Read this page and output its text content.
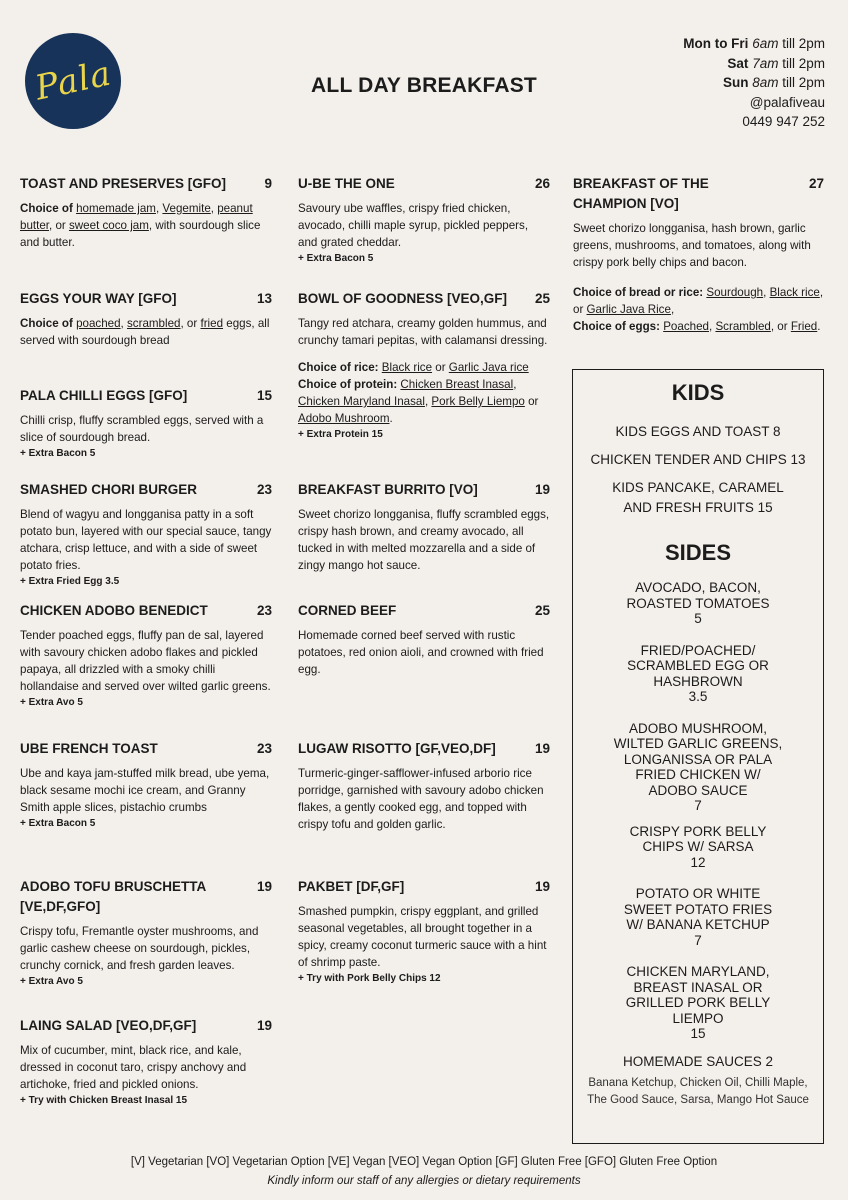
Pala	ALL DAY BREAKFAST
Mon to Fri 6am till 2pm
Sat 7am till 2pm
Sun 8am till 2pm
@palafiveau
0449 947 252
TOAST AND PRESERVES [GFO]	9
Choice of homemade jam, Vegemite, peanut butter, or sweet coco jam, with sourdough slice and butter.
EGGS YOUR WAY [GFO]	13
Choice of poached, scrambled, or fried eggs, all served with sourdough bread
PALA CHILLI EGGS [GFO]	15
Chilli crisp, fluffy scrambled eggs, served with a slice of sourdough bread.
+ Extra Bacon 5
SMASHED CHORI BURGER	23
Blend of wagyu and longganisa patty in a soft potato bun, layered with our special sauce, tangy atchara, crisp lettuce, and with a side of sweet potato fries.
+ Extra Fried Egg 3.5
CHICKEN ADOBO BENEDICT	23
Tender poached eggs, fluffy pan de sal, layered with savoury chicken adobo flakes and pickled papaya, all drizzled with a smoky chilli hollandaise and served over wilted garlic greens.
+ Extra Avo 5
UBE FRENCH TOAST	23
Ube and kaya jam-stuffed milk bread, ube yema, black sesame mochi ice cream, and Granny Smith apple slices, pistachio crumbs
+ Extra Bacon 5
ADOBO TOFU BRUSCHETTA [VE,DF,GFO]
19
Crispy tofu, Fremantle oyster mushrooms, and garlic cashew cheese on sourdough, pickles, crunchy cornick, and fresh garden leaves.
+ Extra Avo 5
LAING SALAD [VEO,DF,GF]	19
Mix of cucumber, mint, black rice, and kale, dressed in coconut taro, crispy anchovy and artichoke, fried and pickled onions.
+ Try with Chicken Breast Inasal 15
U-BE THE ONE	26
Savoury ube waffles, crispy fried chicken, avocado, chilli maple syrup, pickled peppers, and grated cheddar.
+ Extra Bacon 5
BOWL OF GOODNESS [VEO,GF]	25
Tangy red atchara, creamy golden hummus, and crunchy tamari pepitas, with calamansi dressing.
Choice of rice: Black rice or Garlic Java rice
Choice of protein: Chicken Breast Inasal, Chicken Maryland Inasal, Pork Belly Liempo or Adobo Mushroom.
+ Extra Protein 15
BREAKFAST BURRITO [VO]	19
Sweet chorizo longganisa, fluffy scrambled eggs, crispy hash brown, and creamy avocado, all tucked in with melted mozzarella and a side of zingy mango hot sauce.
CORNED BEEF	25
Homemade corned beef served with rustic potatoes, red onion aioli, and crowned with fried egg.
LUGAW RISOTTO [GF,VEO,DF]	19
Turmeric-ginger-safflower-infused arborio rice porridge, garnished with savoury adobo chicken flakes, a gently cooked egg, and topped with crispy tofu and golden garlic.
PAKBET [DF,GF]	19
Smashed pumpkin, crispy eggplant, and grilled seasonal vegetables, all brought together in a spicy, creamy coconut turmeric sauce with a hint of shrimp paste.
+ Try with Pork Belly Chips 12
BREAKFAST OF THE CHAMPION [VO]
27
Sweet chorizo longganisa, hash brown, garlic greens, mushrooms, and tomatoes, along with crispy pork belly chips and bacon.
Choice of bread or rice: Sourdough, Black rice, or Garlic Java Rice,
Choice of eggs: Poached, Scrambled, or Fried.
KIDS
KIDS EGGS AND TOAST 8
CHICKEN TENDER AND CHIPS 13
KIDS PANCAKE, CARAMEL
AND FRESH FRUITS 15
SIDES
AVOCADO, BACON,
ROASTED TOMATOES
5
FRIED/POACHED/
SCRAMBLED EGG OR
HASHBROWN
3.5
ADOBO MUSHROOM,
WILTED GARLIC GREENS,
LONGANISSA OR PALA
FRIED CHICKEN W/
ADOBO SAUCE
7
CRISPY PORK BELLY
CHIPS W/ SARSA
12
POTATO OR WHITE
SWEET POTATO FRIES
W/ BANANA KETCHUP
7
CHICKEN MARYLAND,
BREAST INASAL OR
GRILLED PORK BELLY
LIEMPO
15
HOMEMADE SAUCES 2
Banana Ketchup, Chicken Oil, Chilli Maple, The Good Sauce, Sarsa, Mango Hot Sauce
[V] Vegetarian [VO] Vegetarian Option [VE] Vegan [VEO] Vegan Option [GF] Gluten Free [GFO] Gluten Free Option
Kindly inform our staff of any allergies or dietary requirements
